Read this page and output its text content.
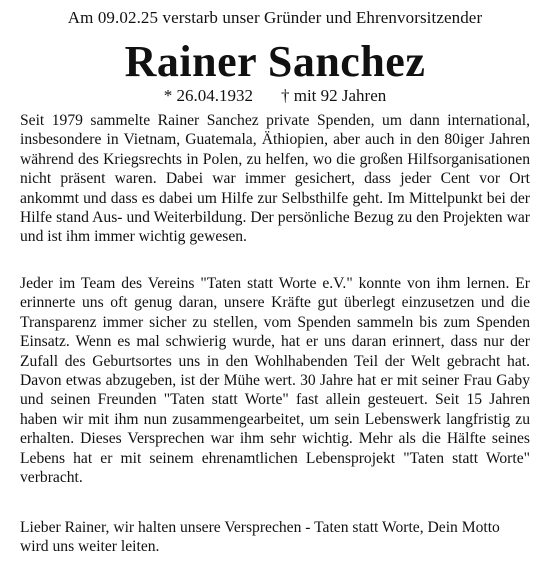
Am 09.02.25 verstarb unser Gründer und Ehrenvorsitzender
Rainer Sanchez
* 26.04.1932 † mit 92 Jahren

Seit 1979 sammelte Rainer Sanchez private Spenden, um dann international, insbesondere in Vietnam, Guatemala, Äthiopien, aber auch in den 80iger Jahren während des Kriegsrechts in Polen, zu helfen, wo die großen Hilfsorganisationen nicht präsent waren. Dabei war immer gesichert, dass jeder Cent vor Ort ankommt und dass es dabei um Hilfe zur Selbsthilfe geht. Im Mittelpunkt bei der Hilfe stand Aus- und Weiterbildung. Der persönliche Bezug zu den Projekten war und ist ihm immer wichtig gewesen.

Jeder im Team des Vereins "Taten statt Worte e.V." konnte von ihm lernen. Er erinnerte uns oft genug daran, unsere Kräfte gut überlegt einzusetzen und die Transparenz immer sicher zu stellen, vom Spenden sammeln bis zum Spenden Einsatz. Wenn es mal schwierig wurde, hat er uns daran erinnert, dass nur der Zufall des Geburtsortes uns in den Wohlhabenden Teil der Welt gebracht hat. Davon etwas abzugeben, ist der Mühe wert. 30 Jahre hat er mit seiner Frau Gaby und seinen Freunden "Taten statt Worte" fast allein gesteuert. Seit 15 Jahren haben wir mit ihm nun zusammengearbeitet, um sein Lebenswerk langfristig zu erhalten. Dieses Versprechen war ihm sehr wichtig. Mehr als die Hälfte seines Lebens hat er mit seinem ehrenamtlichen Lebensprojekt "Taten statt Worte" verbracht.

Lieber Rainer, wir halten unsere Versprechen - Taten statt Worte, Dein Motto wird uns weiter leiten.
